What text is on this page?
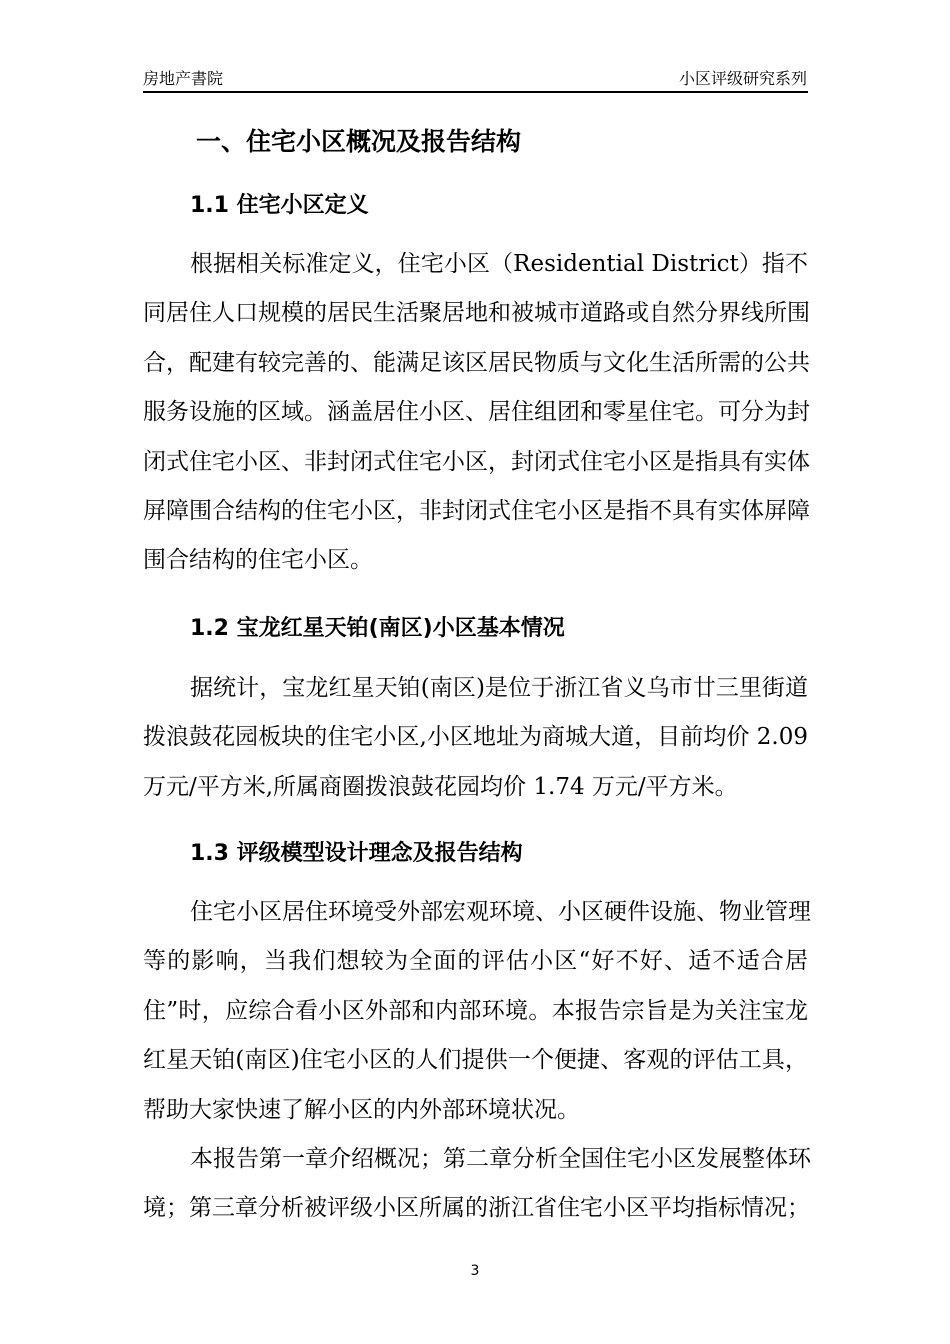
房地产書院	小区评级研究系列
一、住宅小区概况及报告结构
1.1 住宅小区定义
根据相关标准定义，住宅小区（Residential District）指不
同居住人口规模的居民生活聚居地和被城市道路或自然分界线所围
合，配建有较完善的、能满足该区居民物质与文化生活所需的公共
服务设施的区域。涵盖居住小区、居住组团和零星住宅。可分为封
闭式住宅小区、非封闭式住宅小区，封闭式住宅小区是指具有实体
屏障围合结构的住宅小区，非封闭式住宅小区是指不具有实体屏障
围合结构的住宅小区。
1.2 宝龙红星天铂(南区)小区基本情况
据统计，宝龙红星天铂(南区)是位于浙江省义乌市廿三里街道
拨浪鼓花园板块的住宅小区,小区地址为商城大道，目前均价 2.09
万元/平方米,所属商圈拨浪鼓花园均价 1.74 万元/平方米。
1.3 评级模型设计理念及报告结构
住宅小区居住环境受外部宏观环境、小区硬件设施、物业管理
等的影响，当我们想较为全面的评估小区“好不好、适不适合居
住”时，应综合看小区外部和内部环境。本报告宗旨是为关注宝龙
红星天铂(南区)住宅小区的人们提供一个便捷、客观的评估工具，
帮助大家快速了解小区的内外部环境状况。
本报告第一章介绍概况；第二章分析全国住宅小区发展整体环
境；第三章分析被评级小区所属的浙江省住宅小区平均指标情况；
3
